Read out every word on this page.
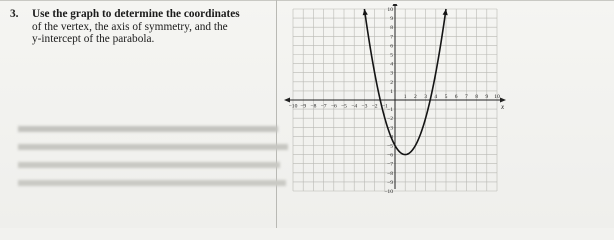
3. Use the graph to determine the coordinates
of the vertex, the axis of symmetry, and the
y-intercept of the parabola.
x
−10 −9 −8 −7 −6 −5 −4 −3 −2 −1
1 2 3 4 5 6 7 8 9 10
1
2
3
4
5
6
7
8
9
10
−1
−2
−3
−4
−5
−6
−7
−8
−9
−10
